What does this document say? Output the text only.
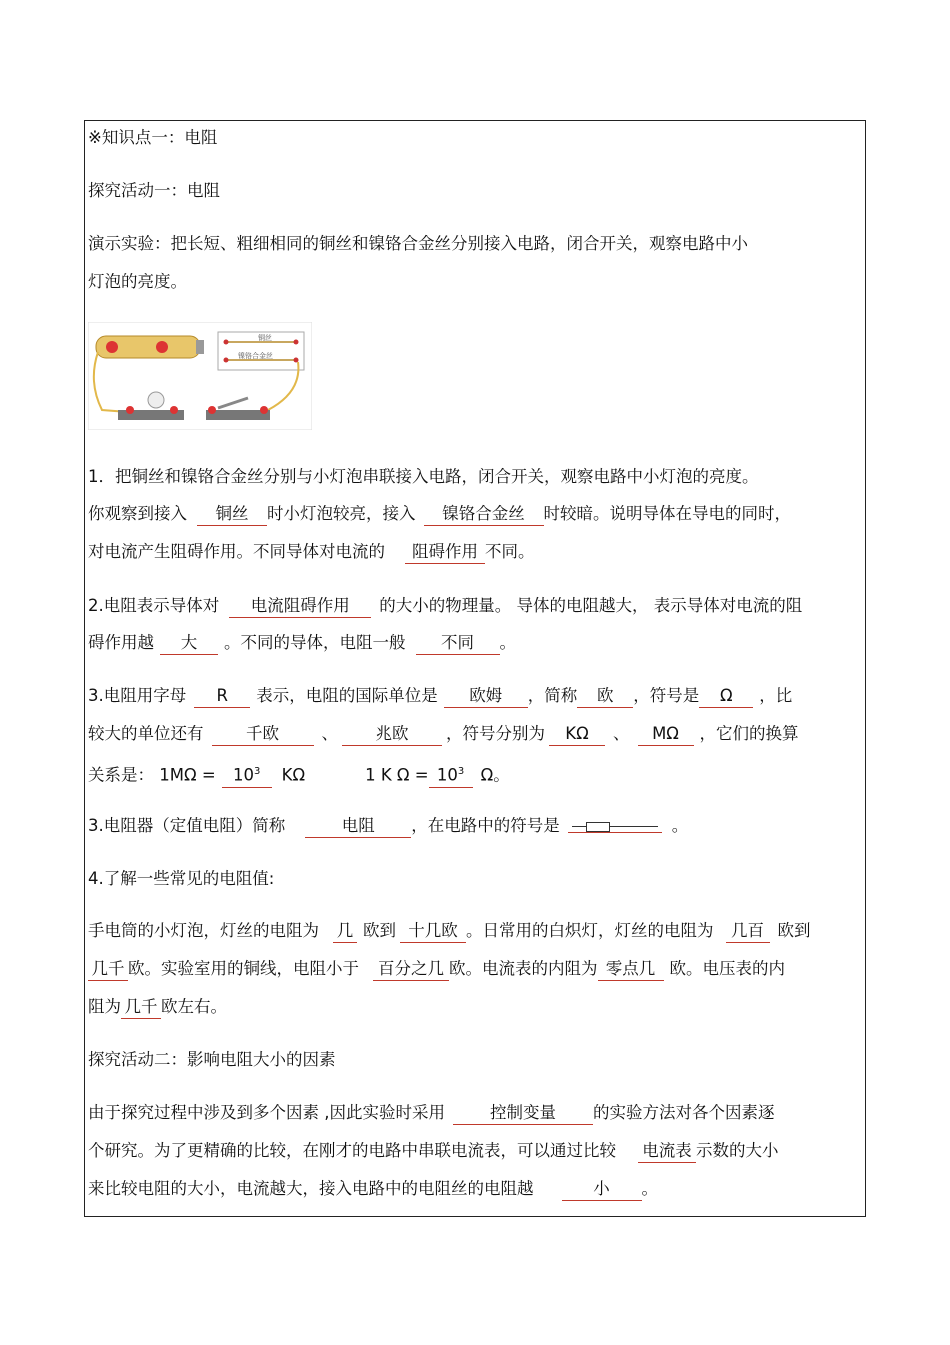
※知识点一：电阻
探究活动一：电阻
演示实验：把长短、粗细相同的铜丝和镍铬合金丝分别接入电路，闭合开关，观察电路中小
灯泡的亮度。
铜丝
镍铬合金丝
1．把铜丝和镍铬合金丝分别与小灯泡串联接入电路，闭合开关，观察电路中小灯泡的亮度。
你观察到接入 铜丝 时小灯泡较亮，接入 镍铬合金丝 时较暗。说明导体在导电的同时，
对电流产生阻碍作用。不同导体对电流的 阻碍作用 不同。
2.电阻表示导体对 电流阻碍作用 的大小的物理量。 导体的电阻越大， 表示导体对电流的阻
碍作用越 大 。不同的导体，电阻一般 不同 。
3.电阻用字母 R 表示，电阻的国际单位是 欧姆 ，简称 欧 ，符号是 Ω ，比
较大的单位还有	千欧	、 兆欧 ，符号分别为 KΩ 、 MΩ ，它们的换算
关系是： $1M\Omega = 10^3$ KΩ	1 K $\Omega = 10^3$ Ω。
3.电阻器（定值电阻）简称	电阻 ，在电路中的符号是	。
4.了解一些常见的电阻值:
手电筒的小灯泡，灯丝的电阻为 几 欧到 十几欧 。日常用的白炽灯，灯丝的电阻为 几百 欧到
几千 欧。实验室用的铜线，电阻小于 百分之几 欧。电流表的内阻为 零点几 欧。电压表的内
阻为 几千 欧左右。
探究活动二：影响电阻大小的因素
由于探究过程中涉及到多个因素 ,因此实验时采用	控制变量 的实验方法对各个因素逐
个研究。为了更精确的比较，在刚才的电路中串联电流表，可以通过比较 电流表 示数的大小
来比较电阻的大小，电流越大，接入电路中的电阻丝的电阻越	小 。
